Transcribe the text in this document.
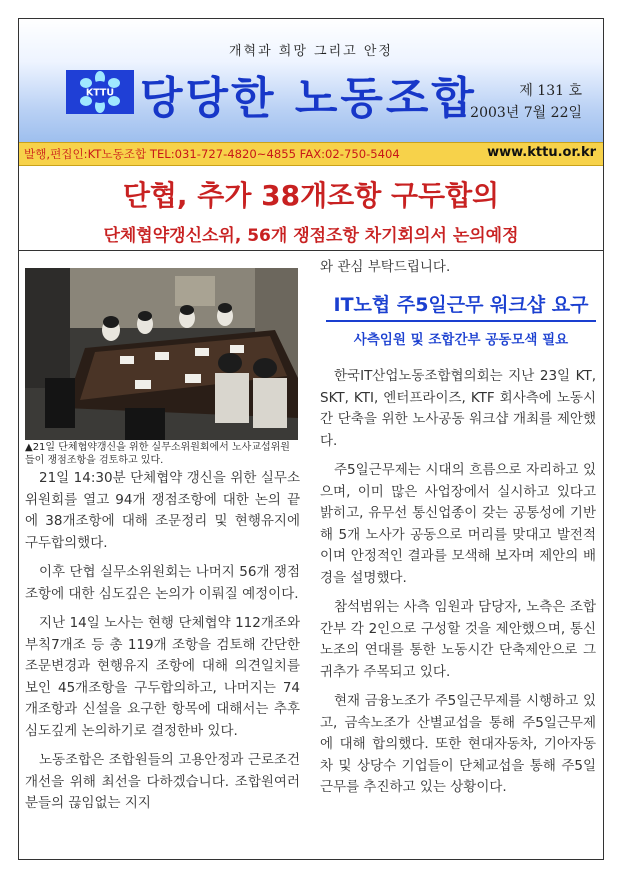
개혁과 희망 그리고 안정
KTTU 당당한 노동조합	제 131 호
2003년 7월 22일
발행,편집인:KT노동조합 TEL:031-727-4820~4855 FAX:02-750-5404	www.kttu.or.kr
단협, 추가 38개조항 구두합의
단체협약갱신소위, 56개 쟁점조항 차기회의서 논의예정
▲21일 단체협약갱신을 위한 실무소위원회에서 노사교섭위원들이 쟁점조항을 검토하고 있다.

21일 14:30분 단체협약 갱신을 위한 실무소위원회를 열고 94개 쟁점조항에 대한 논의 끝에 38개조항에 대해 조문정리 및 현행유지에 구두합의했다.

이후 단협 실무소위원회는 나머지 56개 쟁점조항에 대한 심도깊은 논의가 이뤄질 예정이다.

지난 14일 노사는 현행 단체협약 112개조와 부칙7개조 등 총 119개 조항을 검토해 간단한 조문변경과 현행유지 조항에 대해 의견일치를 보인 45개조항을 구두합의하고, 나머지는 74개조항과 신설을 요구한 항목에 대해서는 추후 심도깊게 논의하기로 결정한바 있다.

노동조합은 조합원들의 고용안정과 근로조건 개선을 위해 최선을 다하겠습니다. 조합원여러분들의 끊임없는 지지

와 관심 부탁드립니다.

IT노협 주5일근무 워크샵 요구
사측임원 및 조합간부 공동모색 필요

한국IT산업노동조합협의회는 지난 23일 KT, SKT, KTI, 엔터프라이즈, KTF 회사측에 노동시간 단축을 위한 노사공동 워크샵 개최를 제안했다.

주5일근무제는 시대의 흐름으로 자리하고 있으며, 이미 많은 사업장에서 실시하고 있다고 밝히고, 유무선 통신업종이 갖는 공통성에 기반해 5개 노사가 공동으로 머리를 맞대고 발전적이며 안정적인 결과를 모색해 보자며 제안의 배경을 설명했다.

참석범위는 사측 임원과 담당자, 노측은 조합간부 각 2인으로 구성할 것을 제안했으며, 통신노조의 연대를 통한 노동시간 단축제안으로 그 귀추가 주목되고 있다.

현재 금융노조가 주5일근무제를 시행하고 있고, 금속노조가 산별교섭을 통해 주5일근무제에 대해 합의했다. 또한 현대자동차, 기아자동차 및 상당수 기업들이 단체교섭을 통해 주5일 근무를 추진하고 있는 상황이다.
